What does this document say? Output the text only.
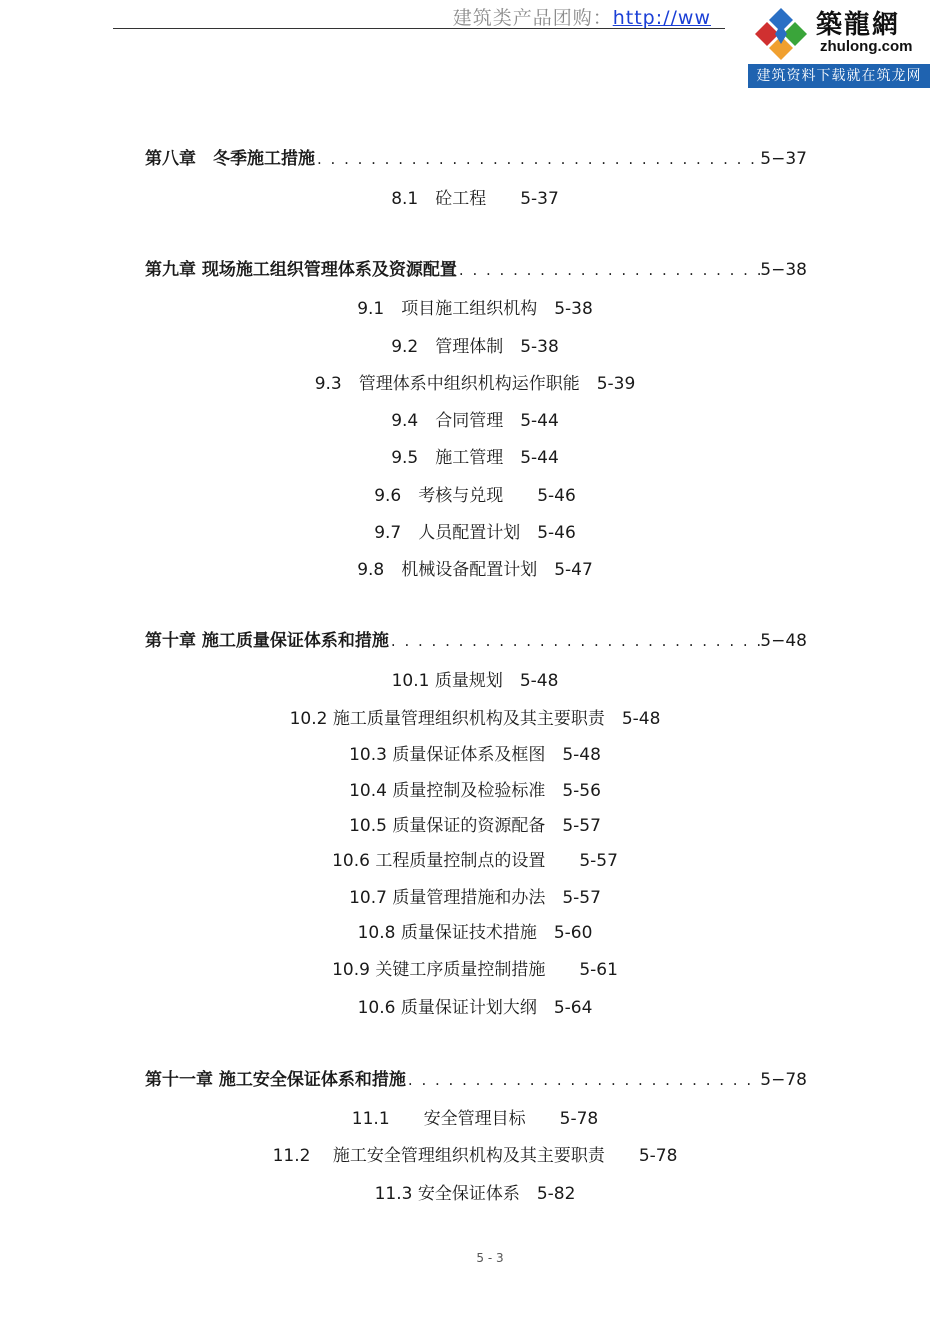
建筑类产品团购：http://ww	築龍網
zhulong.com
建筑资料下载就在筑龙网
第八章　冬季施工措施 . . .	5−37
8.1　砼工程　　5-37
第九章 现场施工组织管理体系及资源配置 . . .	5−38
9.1　项目施工组织机构　5-38
9.2　管理体制　5-38
9.3　管理体系中组织机构运作职能　5-39
9.4　合同管理　5-44
9.5　施工管理　5-44
9.6　考核与兑现　　5-46
9.7　人员配置计划　5-46
9.8　机械设备配置计划　5-47
第十章 施工质量保证体系和措施 . . .	5−48
10.1 质量规划　5-48
10.2 施工质量管理组织机构及其主要职责　5-48
10.3 质量保证体系及框图　5-48
10.4 质量控制及检验标准　5-56
10.5 质量保证的资源配备　5-57
10.6 工程质量控制点的设置　　5-57
10.7 质量管理措施和办法　5-57
10.8 质量保证技术措施　5-60
10.9 关键工序质量控制措施　　5-61
10.6 质量保证计划大纲　5-64
第十一章 施工安全保证体系和措施 . . .	5−78
11.1　　安全管理目标　　5-78
11.2　 施工安全管理组织机构及其主要职责　　5-78
11.3 安全保证体系　5-82
5 - 3
